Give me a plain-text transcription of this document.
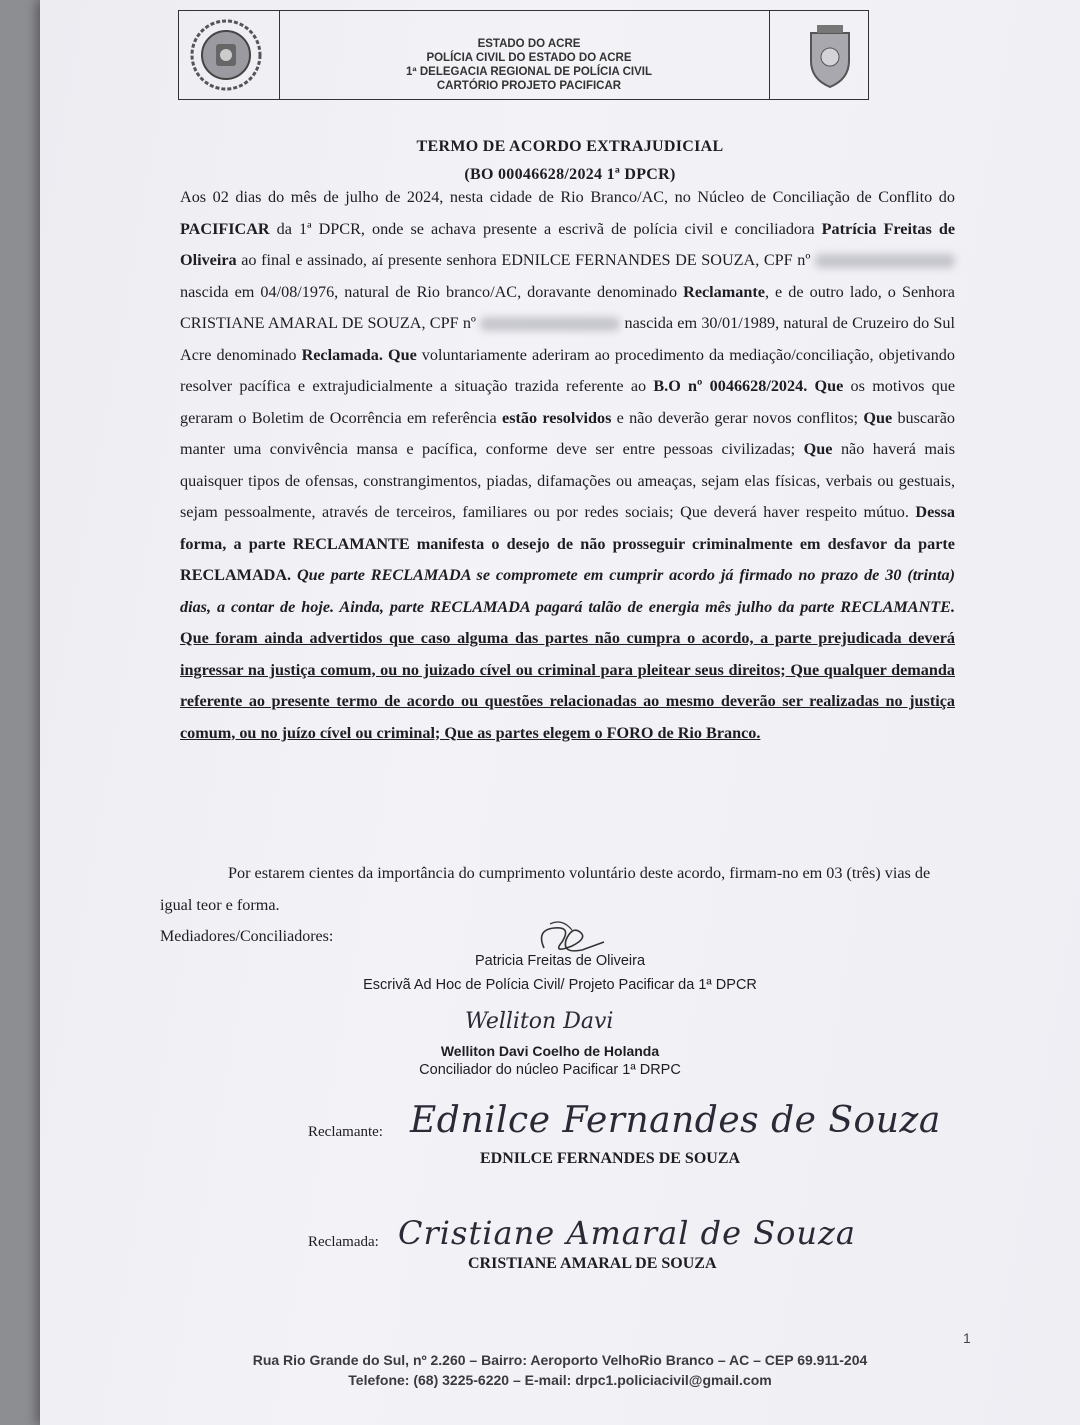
ESTADO DO ACRE
POLÍCIA CIVIL DO ESTADO DO ACRE
1ª DELEGACIA REGIONAL DE POLÍCIA CIVIL
CARTÓRIO PROJETO PACIFICAR
TERMO DE ACORDO EXTRAJUDICIAL
(BO 00046628/2024 1ª DPCR)

Aos 02 dias do mês de julho de 2024, nesta cidade de Rio Branco/AC, no Núcleo de Conciliação de Conflito do PACIFICAR da 1ª DPCR, onde se achava presente a escrivã de polícia civil e conciliadora Patrícia Freitas de Oliveira ao final e assinado, aí presente senhora EDNILCE FERNANDES DE SOUZA, CPF nº  nascida em 04/08/1976, natural de Rio branco/AC, doravante denominado Reclamante, e de outro lado, o Senhora CRISTIANE AMARAL DE SOUZA, CPF nº	nascida em 30/01/1989, natural de Cruzeiro do Sul Acre denominado Reclamada. Que voluntariamente aderiram ao procedimento da mediação/conciliação, objetivando resolver pacífica e extrajudicialmente a situação trazida referente ao B.O nº 0046628/2024. Que os motivos que geraram o Boletim de Ocorrência em referência estão resolvidos e não deverão gerar novos conflitos; Que buscarão manter uma convivência mansa e pacífica, conforme deve ser entre pessoas civilizadas; Que não haverá mais quaisquer tipos de ofensas, constrangimentos, piadas, difamações ou ameaças, sejam elas físicas, verbais ou gestuais, sejam pessoalmente, através de terceiros, familiares ou por redes sociais; Que deverá haver respeito mútuo. Dessa forma, a parte RECLAMANTE manifesta o desejo de não prosseguir criminalmente em desfavor da parte RECLAMADA. Que parte RECLAMADA se compromete em cumprir acordo já firmado no prazo de 30 (trinta) dias, a contar de hoje. Ainda, parte RECLAMADA pagará talão de energia mês julho da parte RECLAMANTE. Que foram ainda advertidos que caso alguma das partes não cumpra o acordo, a parte prejudicada deverá ingressar na justiça comum, ou no juizado cível ou criminal para pleitear seus direitos; Que qualquer demanda referente ao presente termo de acordo ou questões relacionadas ao mesmo deverão ser realizadas no justiça comum, ou no juízo cível ou criminal; Que as partes elegem o FORO de Rio Branco.

Por estarem cientes da importância do cumprimento voluntário deste acordo, firmam-no em 03 (três) vias de igual teor e forma.
Mediadores/Conciliadores:
Patricia Freitas de Oliveira
Escrivã Ad Hoc de Polícia Civil/ Projeto Pacificar da 1ª DPCR
Welliton Davi
Welliton Davi Coelho de Holanda
Conciliador do núcleo Pacificar 1ª DRPC
Reclamante: Ednilce Fernandes de Souza
EDNILCE FERNANDES DE SOUZA
Reclamada: Cristiane Amaral de Souza
CRISTIANE AMARAL DE SOUZA
1
Rua Rio Grande do Sul, nº 2.260 – Bairro: Aeroporto VelhoRio Branco – AC – CEP 69.911-204
Telefone: (68) 3225-6220 – E-mail: drpc1.policiacivil@gmail.com
